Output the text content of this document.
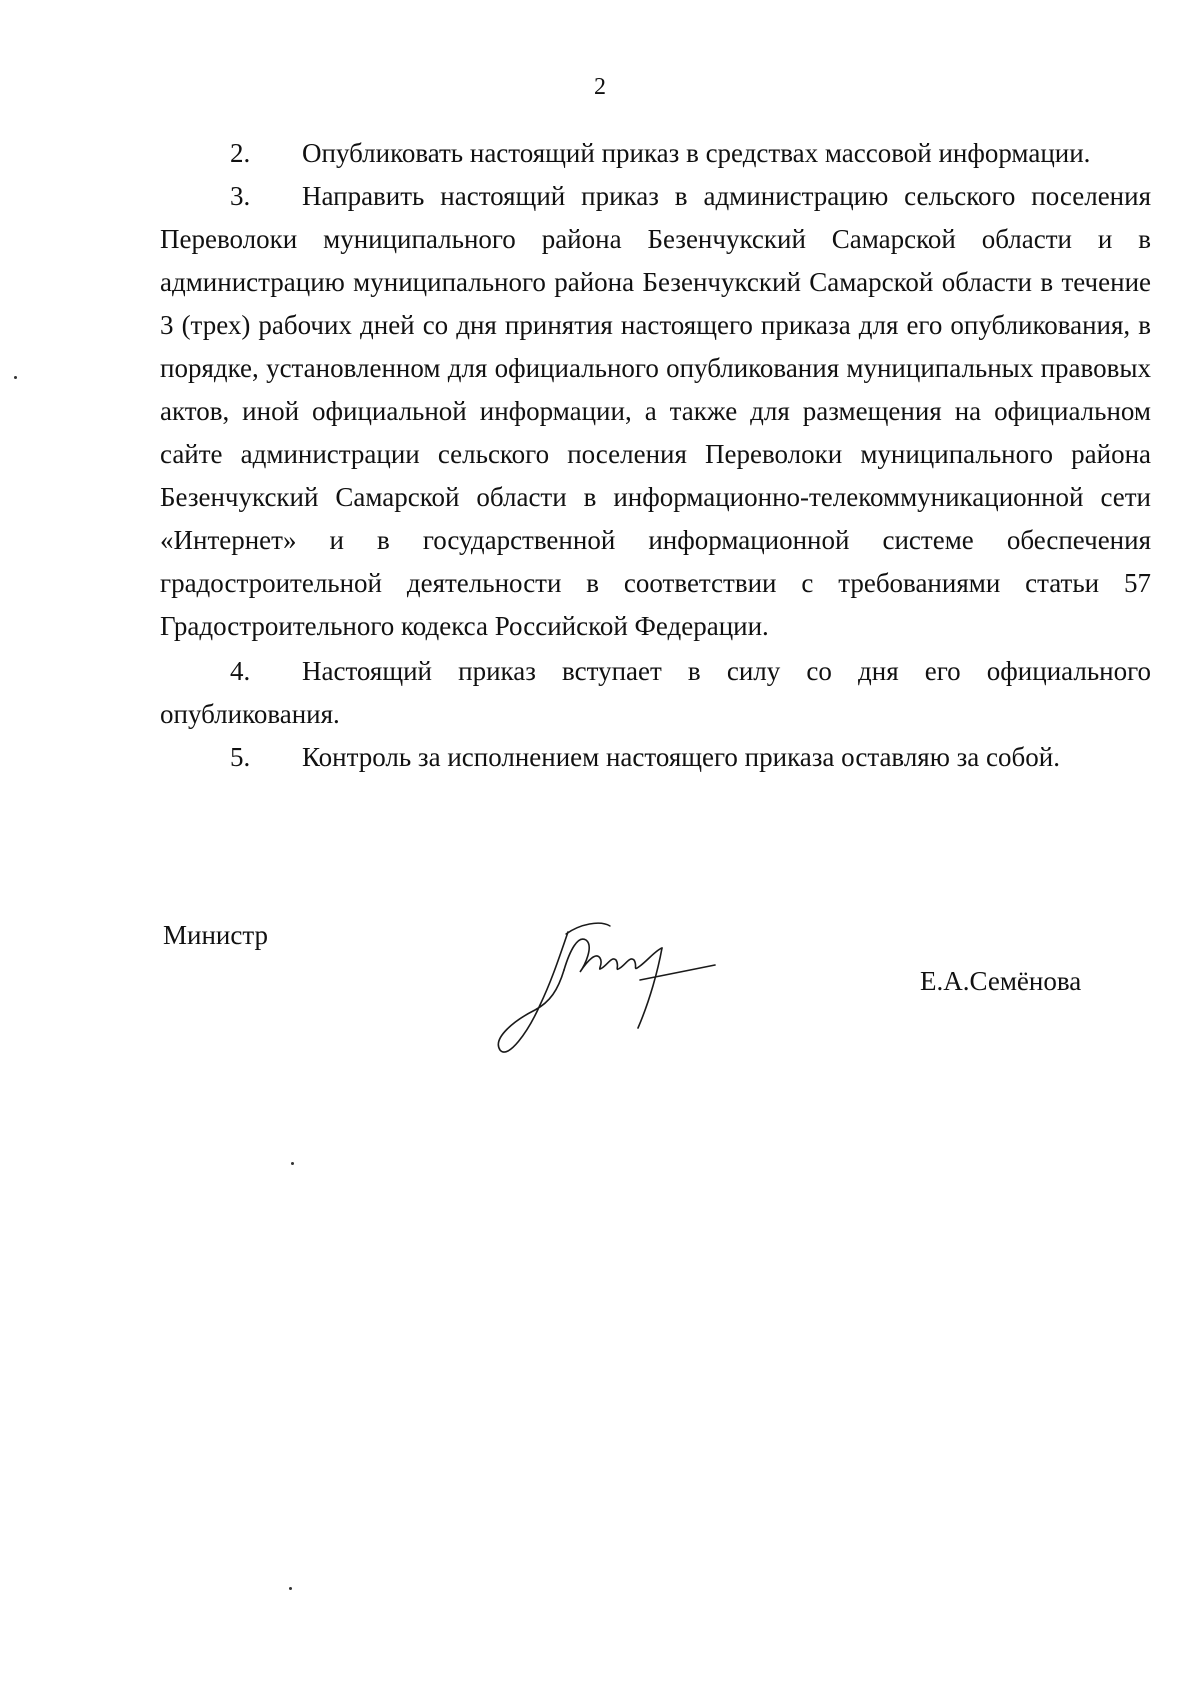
2

2. Опубликовать настоящий приказ в средствах массовой информации.

3. Направить настоящий приказ в администрацию сельского поселения Переволоки муниципального района Безенчукский Самарской области и в администрацию муниципального района Безенчукский Самарской области в течение 3 (трех) рабочих дней со дня принятия настоящего приказа для его опубликования, в порядке, установленном для официального опубликования муниципальных правовых актов, иной официальной информации, а также для размещения на официальном сайте администрации сельского поселения Переволоки муниципального района Безенчукский Самарской области в информационно-телекоммуникационной сети «Интернет» и в государственной информационной системе обеспечения градостроительной деятельности в соответствии с требованиями статьи 57 Градостроительного кодекса Российской Федерации.

4. Настоящий приказ вступает в силу со дня его официального опубликования.

5. Контроль за исполнением настоящего приказа оставляю за собой.

Министр
Е.А.Семёнова
